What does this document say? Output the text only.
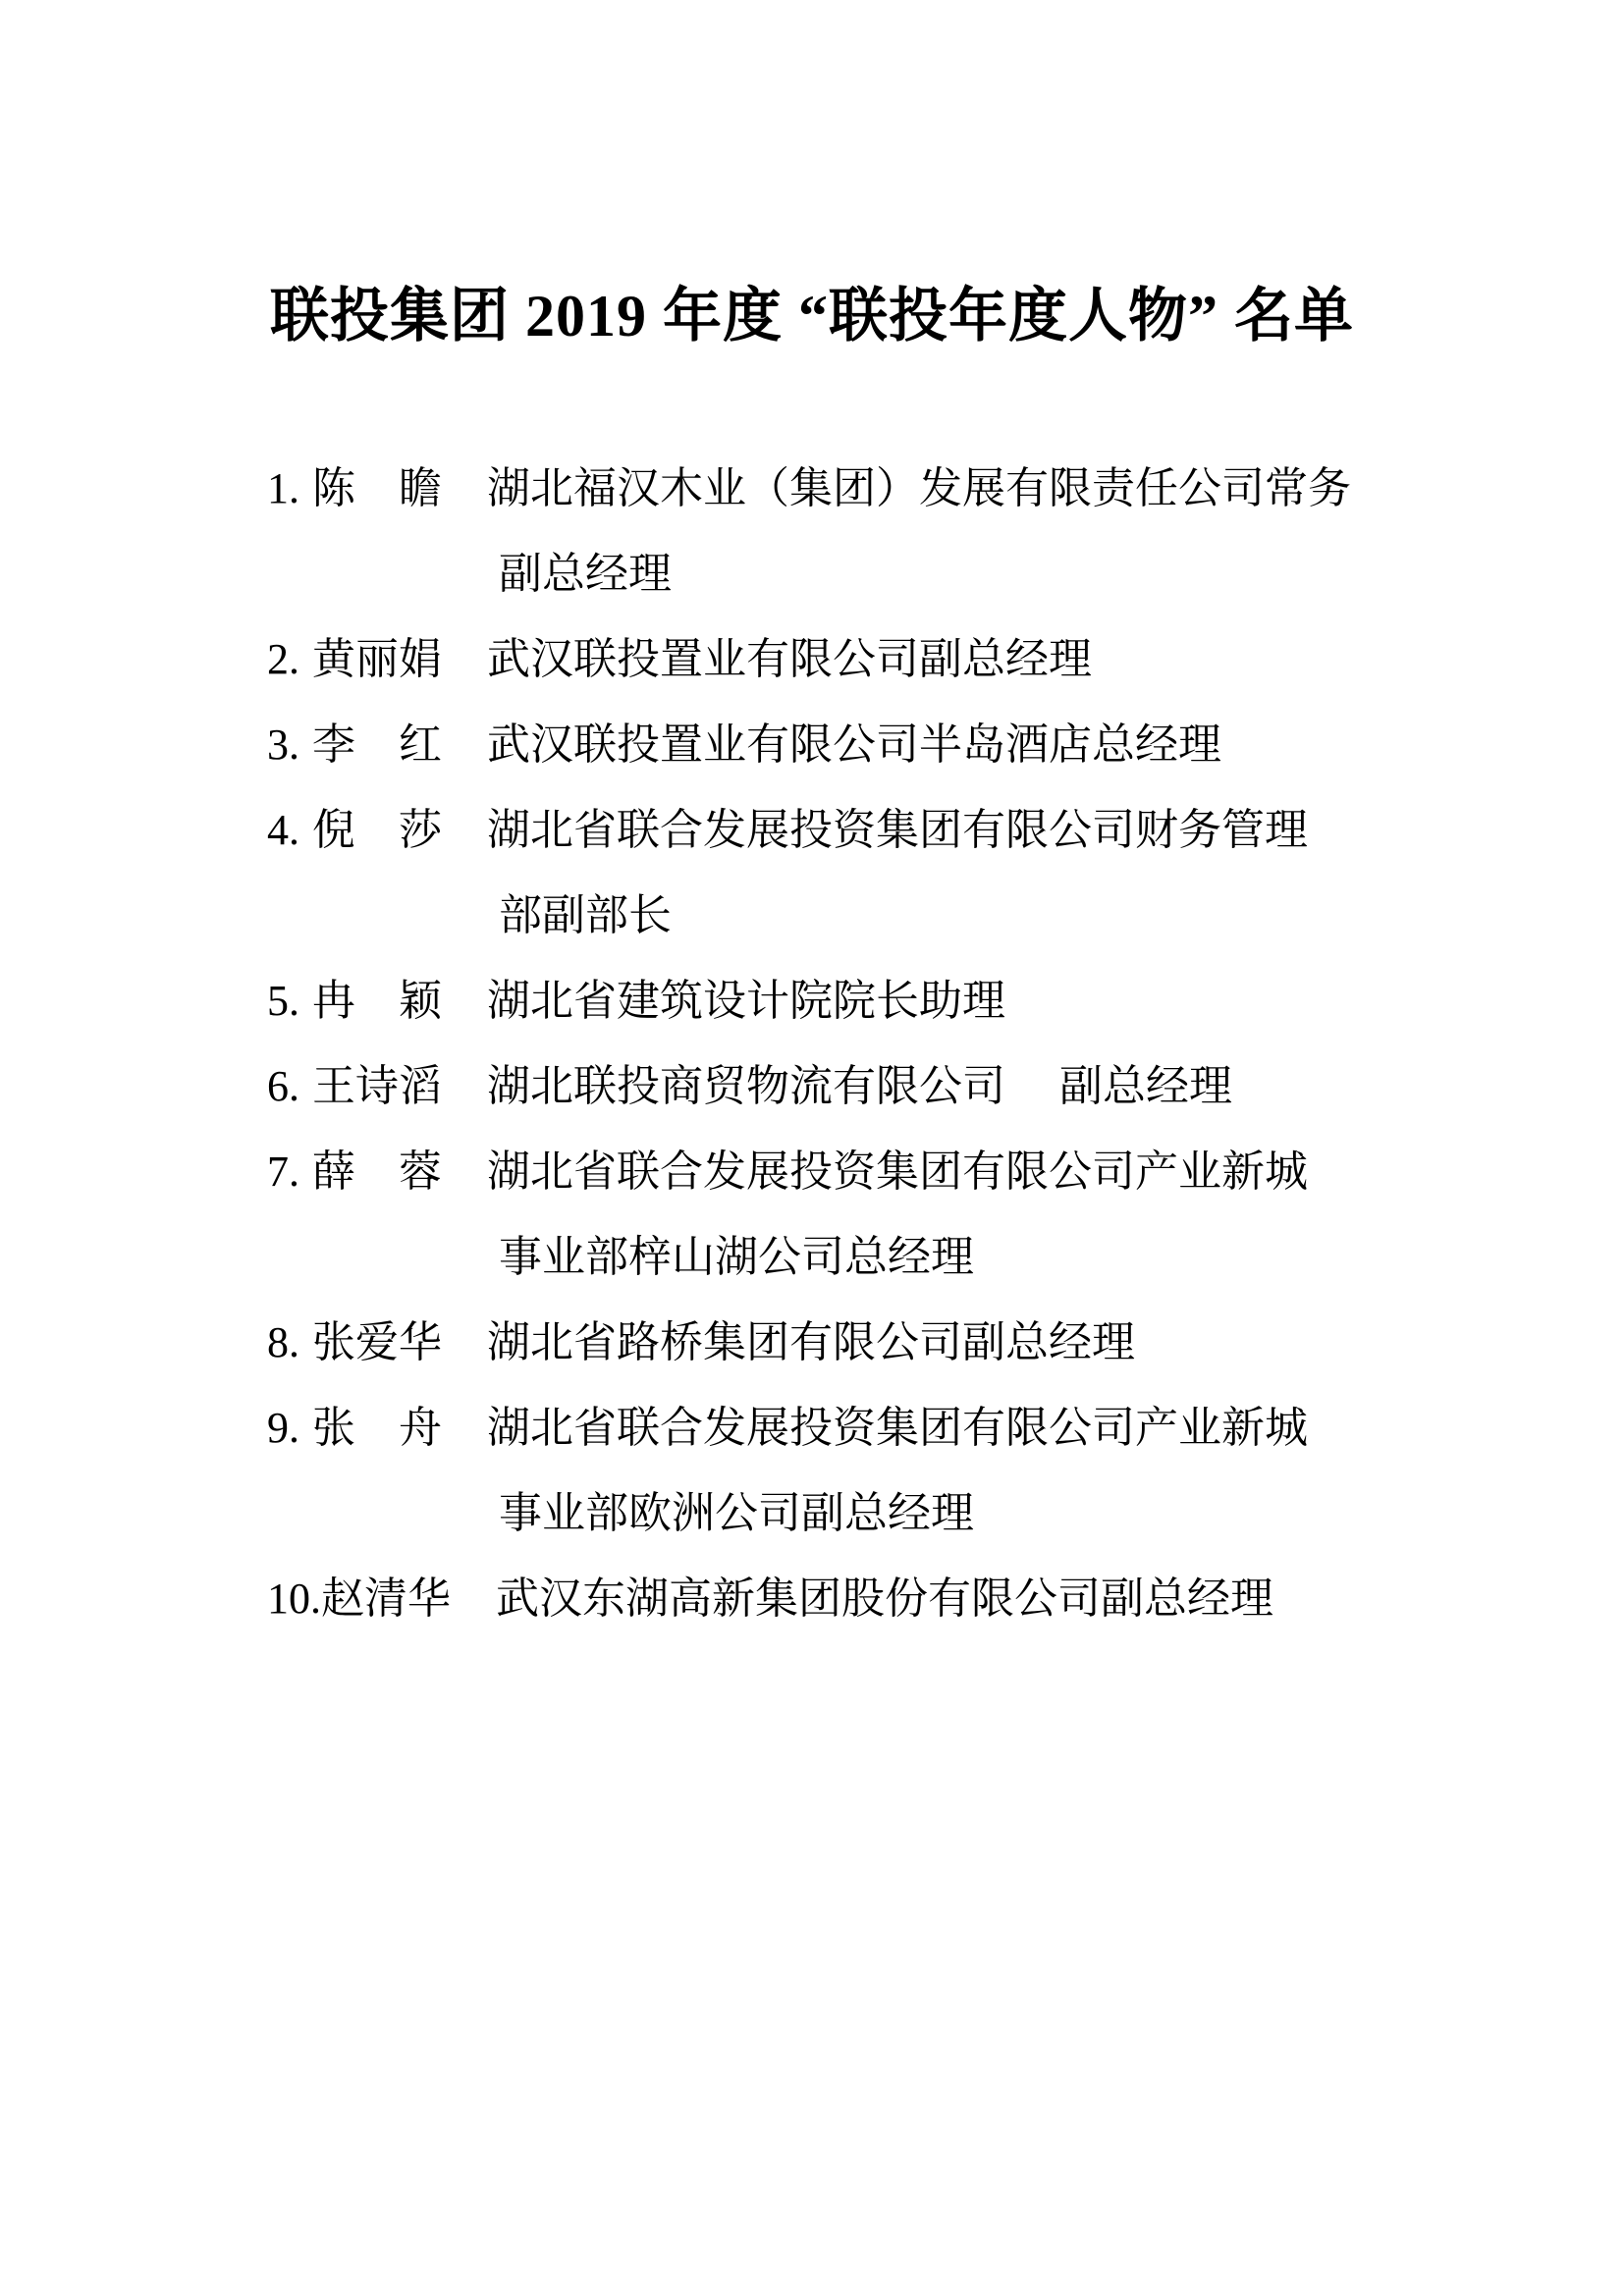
联投集团 2019 年度 “联投年度人物” 名单
1. 陈　瞻 湖北福汉木业（集团）发展有限责任公司常务
副总经理
2. 黄丽娟 武汉联投置业有限公司副总经理
3. 李　红 武汉联投置业有限公司半岛酒店总经理
4. 倪　莎 湖北省联合发展投资集团有限公司财务管理
部副部长
5. 冉　颖 湖北省建筑设计院院长助理
6. 王诗滔 湖北联投商贸物流有限公司　 副总经理
7. 薛　蓉 湖北省联合发展投资集团有限公司产业新城
事业部梓山湖公司总经理
8. 张爱华 湖北省路桥集团有限公司副总经理
9. 张　舟 湖北省联合发展投资集团有限公司产业新城
事业部欧洲公司副总经理
10.赵清华 武汉东湖高新集团股份有限公司副总经理
